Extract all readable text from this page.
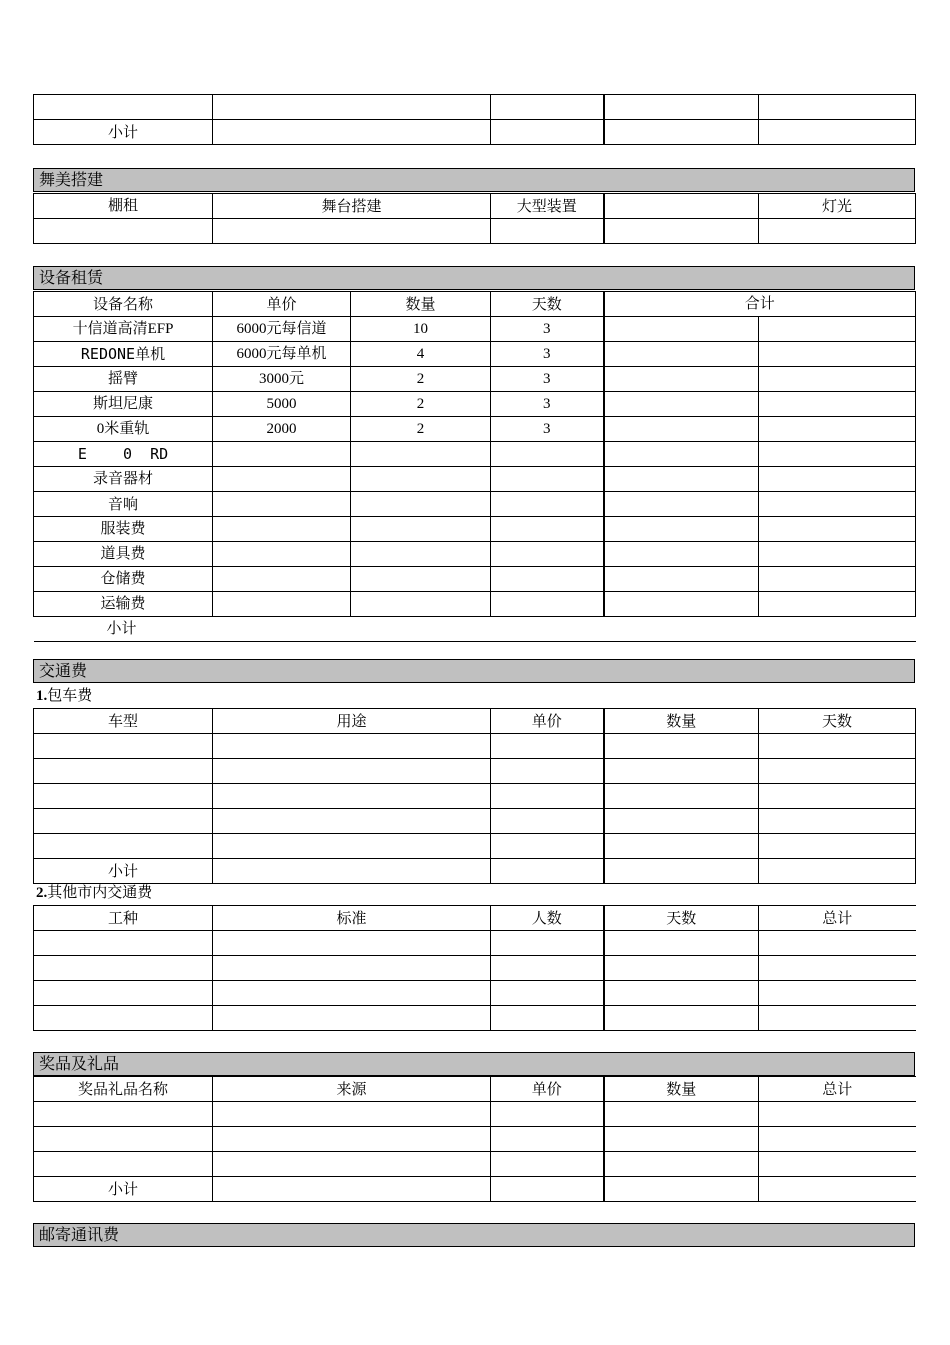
小计				
舞美搭建
棚租	舞台搭建	大型装置		灯光

设备租赁
设备名称	单价	数量	天数	合计	
十信道高清EFP	6000元每信道	10	3		
REDONE单机	6000元每单机	4	3		
摇臂	3000元	2	3		
斯坦尼康	5000	2	3		
0米重轨	2000	2	3		
E    0  RD					
录音器材					
音响					
服装费					
道具费					
仓储费					
运输费					
小计					
交通费
1.包车费
车型	用途	单价	数量	天数

小计				
2.其他市内交通费
工种	标准	人数	天数	总计

奖品及礼品
奖品礼品名称	来源	单价	数量	总计

小计				
邮寄通讯费
